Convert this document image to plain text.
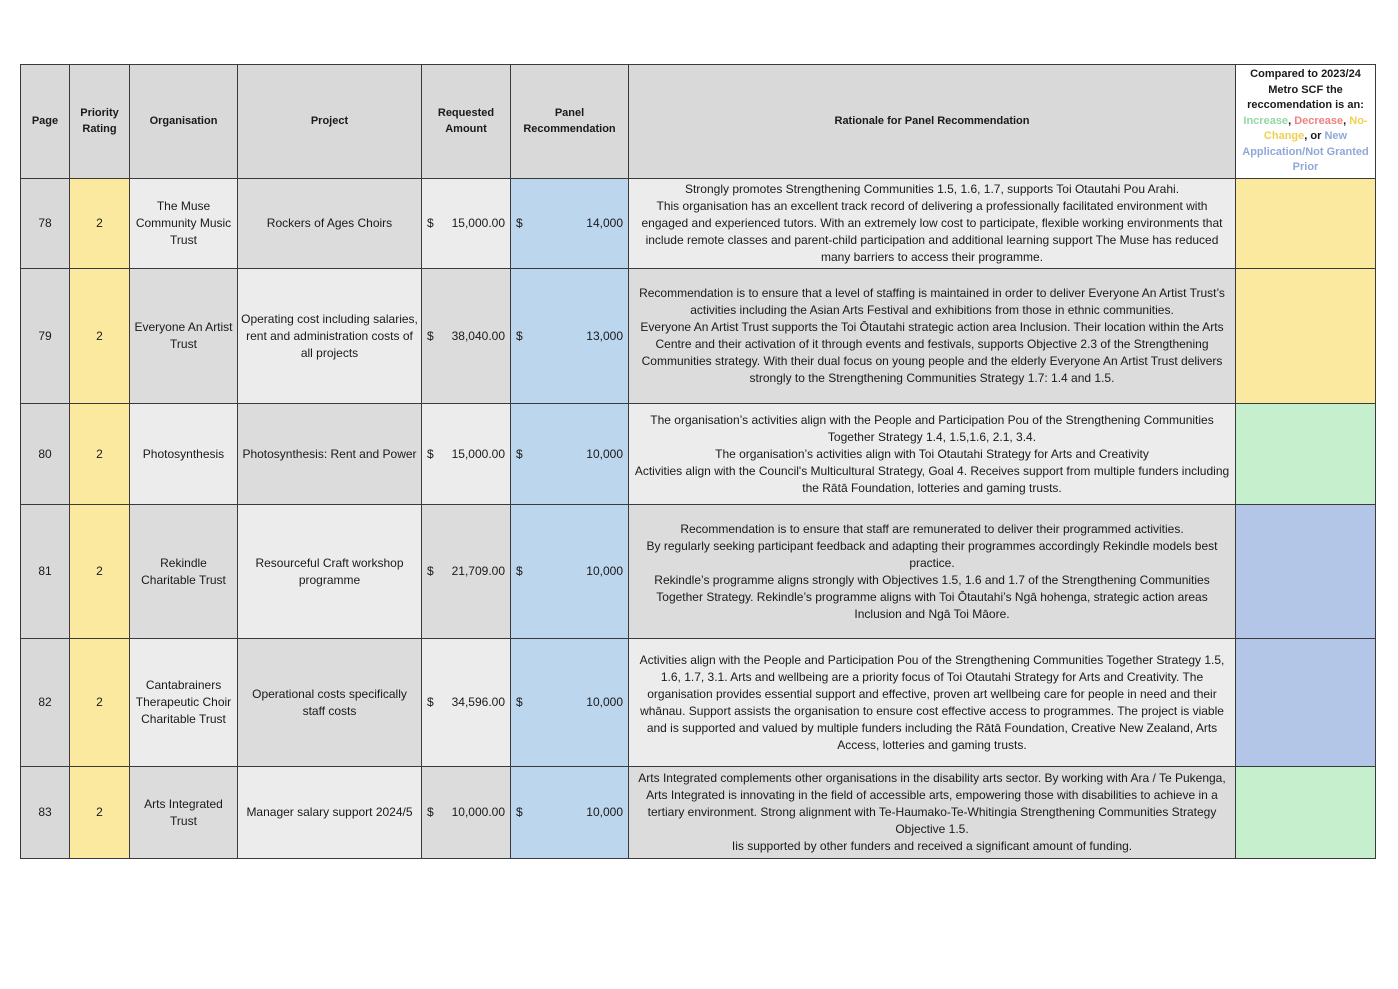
Page	Priority Rating	Organisation	Project	Requested Amount	Panel Recommendation	Rationale for Panel Recommendation	Compared to 2023/24 Metro SCF the reccomendation is an: Increase, Decrease, No-Change, or New Application/Not Granted Prior
78	2	The Muse Community Music Trust	Rockers of Ages Choirs	$ 15,000.00	$ 14,000	Strongly promotes Strengthening Communities 1.5, 1.6, 1.7, supports Toi Otautahi Pou Arahi.
This organisation has an excellent track record of delivering a professionally facilitated environment with engaged and experienced tutors. With an extremely low cost to participate, flexible working environments that include remote classes and parent-child participation and additional learning support The Muse has reduced many barriers to access their programme.	

79	2	Everyone An Artist Trust	Operating cost including salaries, rent and administration costs of all projects	$ 38,040.00	$ 13,000	Recommendation is to ensure that a level of staffing is maintained in order to deliver Everyone An Artist Trust’s activities including the Asian Arts Festival and exhibitions from those in ethnic communities.
Everyone An Artist Trust supports the Toi Ōtautahi strategic action area Inclusion. Their location within the Arts Centre and their activation of it through events and festivals, supports Objective 2.3 of the Strengthening Communities strategy. With their dual focus on young people and the elderly Everyone An Artist Trust delivers strongly to the Strengthening Communities Strategy 1.7: 1.4 and 1.5.	

80	2	Photosynthesis	Photosynthesis: Rent and Power	$ 15,000.00	$ 10,000	The organisation’s activities align with the People and Participation Pou of the Strengthening Communities Together Strategy 1.4, 1.5,1.6, 2.1, 3.4.
The organisation’s activities align with Toi Otautahi Strategy for Arts and Creativity
Activities align with the Council's Multicultural Strategy, Goal 4. Receives support from multiple funders including the Rātā Foundation, lotteries and gaming trusts.	

81	2	Rekindle Charitable Trust	Resourceful Craft workshop programme	$ 21,709.00	$ 10,000	Recommendation is to ensure that staff are remunerated to deliver their programmed activities.
By regularly seeking participant feedback and adapting their programmes accordingly Rekindle models best practice.
Rekindle’s programme aligns strongly with Objectives 1.5, 1.6 and 1.7 of the Strengthening Communities Together Strategy. Rekindle’s programme aligns with Toi Ōtautahi’s Ngā hohenga, strategic action areas Inclusion and Ngā Toi Māore.	

82	2	Cantabrainers Therapeutic Choir Charitable Trust	Operational costs specifically staff costs	$ 34,596.00	$ 10,000	Activities align with the People and Participation Pou of the Strengthening Communities Together Strategy 1.5, 1.6, 1.7, 3.1. Arts and wellbeing are a priority focus of Toi Otautahi Strategy for Arts and Creativity. The organisation provides essential support and effective, proven art wellbeing care for people in need and their whānau. Support assists the organisation to ensure cost effective access to programmes. The project is viable and is supported and valued by multiple funders including the Rātā Foundation, Creative New Zealand, Arts Access, lotteries and gaming trusts.	

83	2	Arts Integrated Trust	Manager salary support 2024/5	$ 10,000.00	$ 10,000	Arts Integrated complements other organisations in the disability arts sector. By working with Ara / Te Pukenga, Arts Integrated is innovating in the field of accessible arts, empowering those with disabilities to achieve in a tertiary environment. Strong alignment with Te-Haumako-Te-Whitingia Strengthening Communities Strategy Objective 1.5.
Iis supported by other funders and received a significant amount of funding.	
